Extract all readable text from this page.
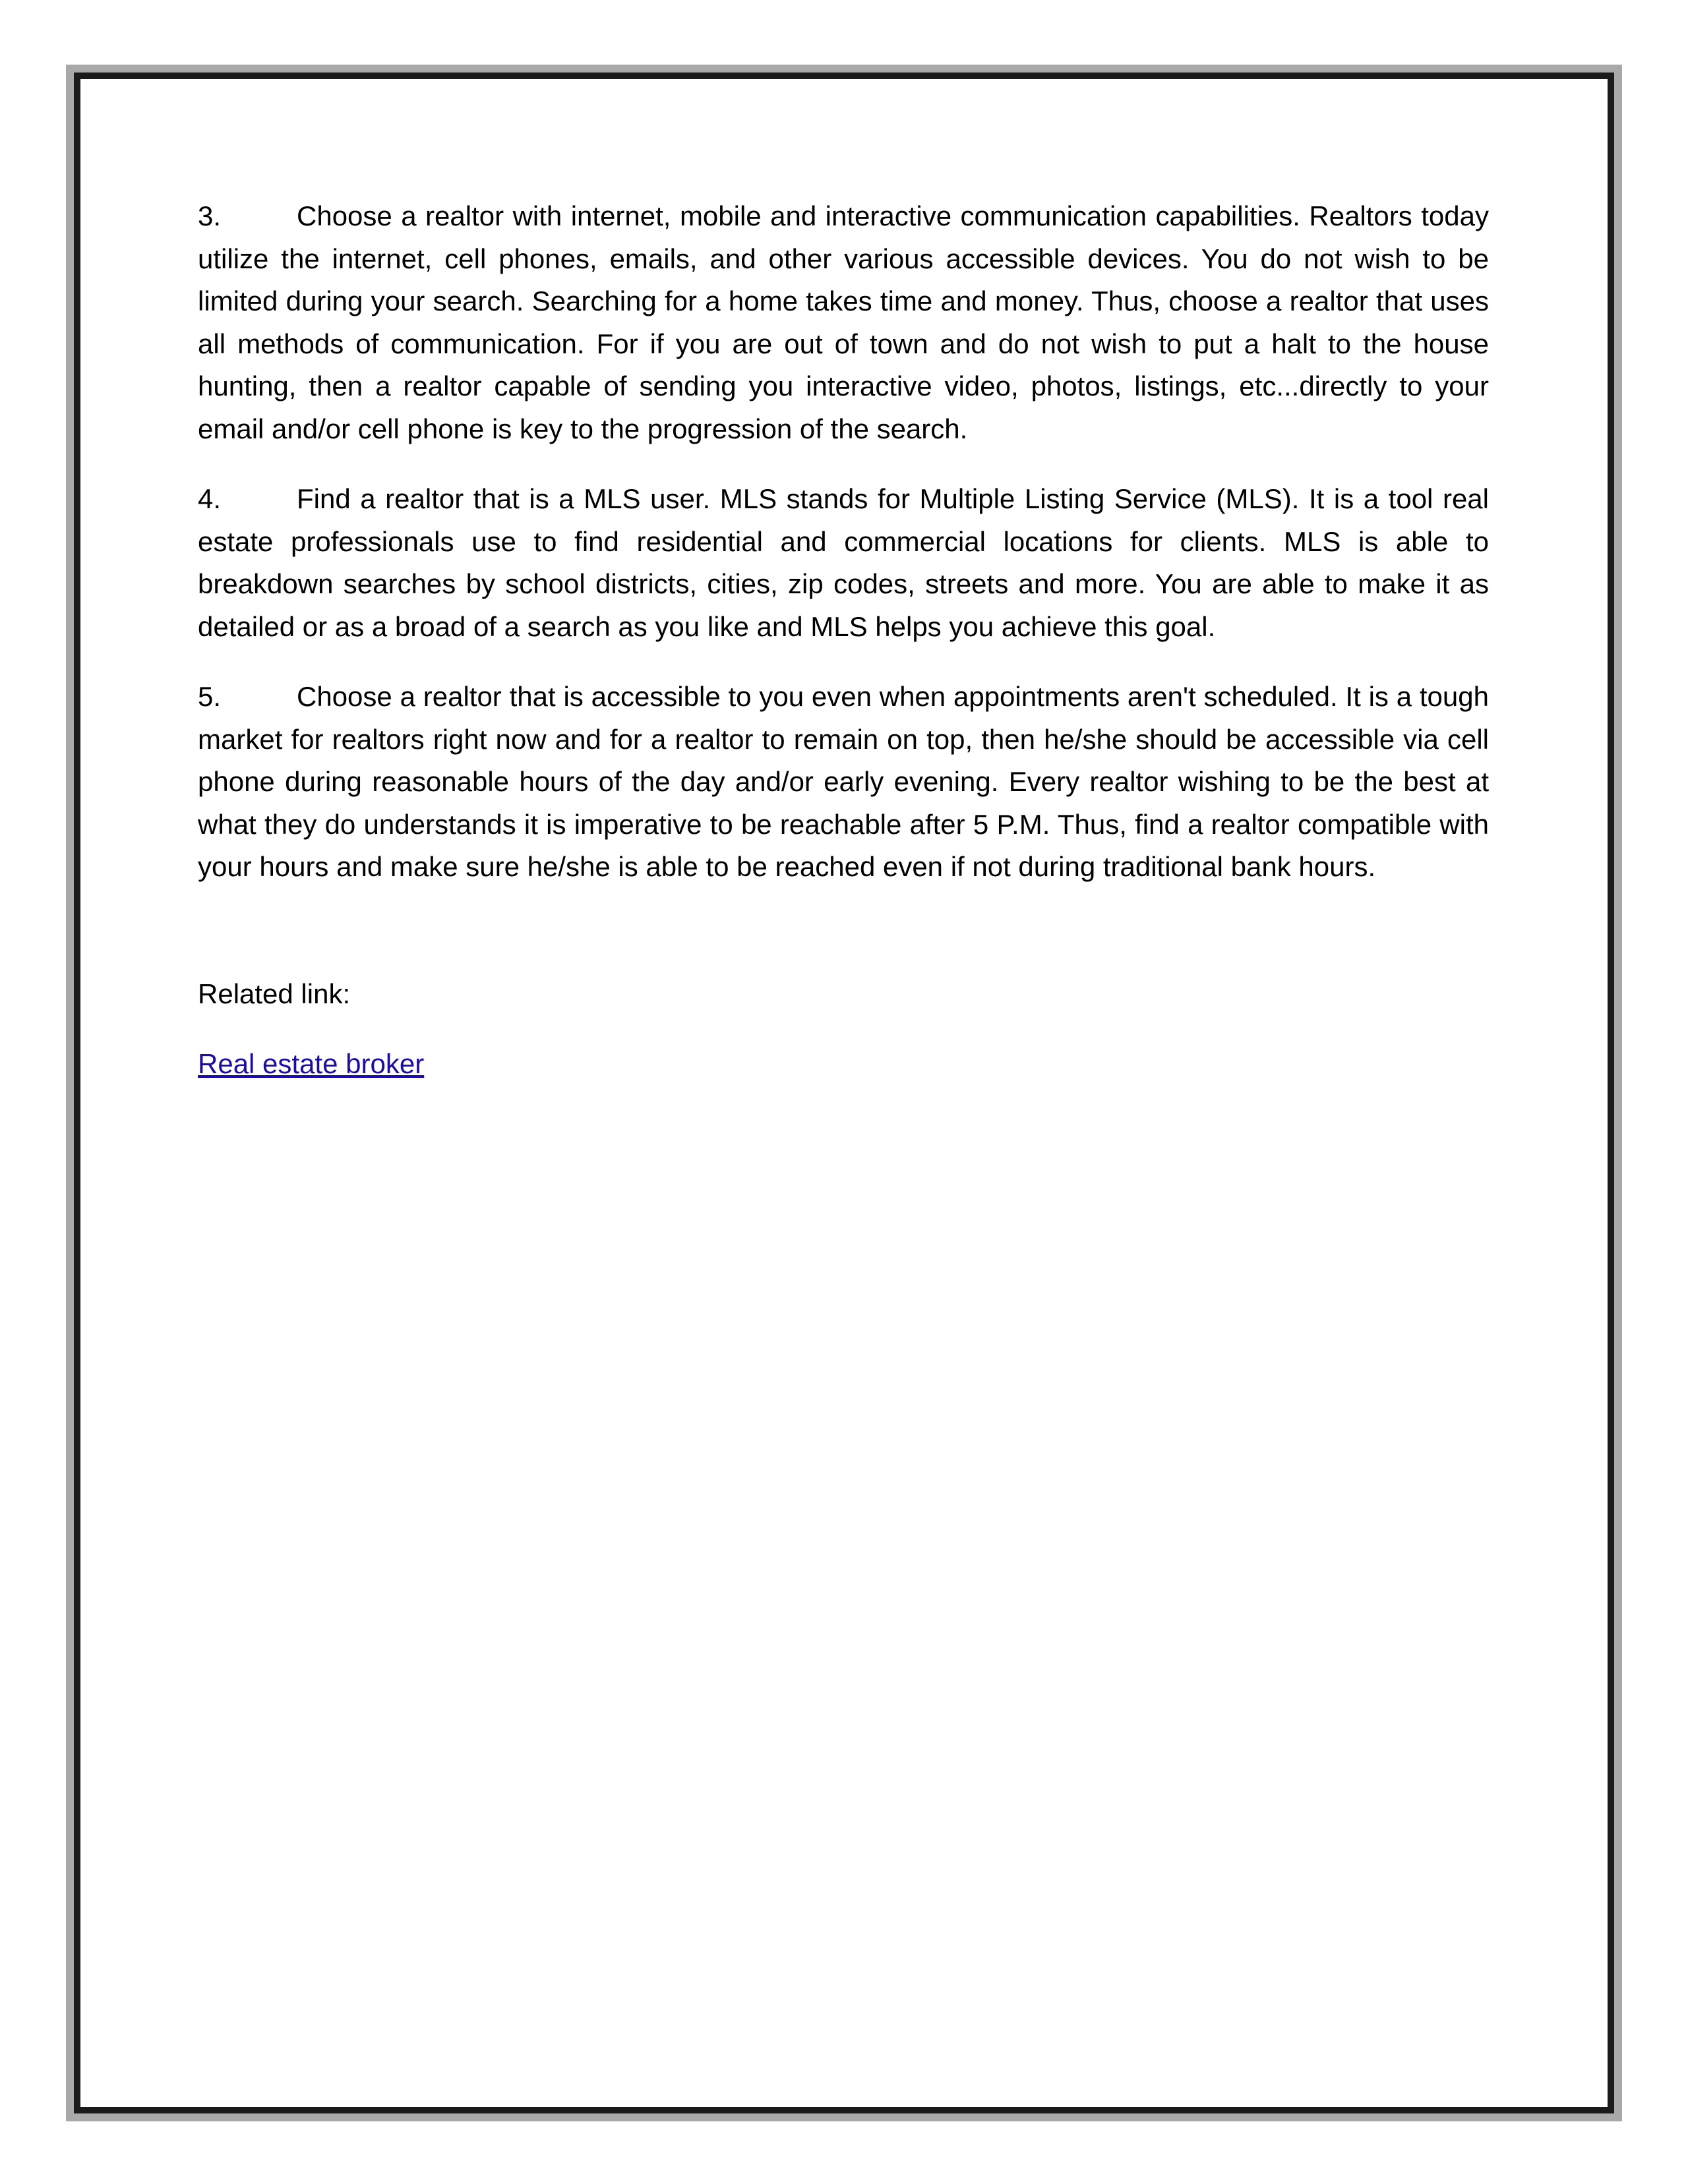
3.	Choose a realtor with internet, mobile and interactive communication capabilities. Realtors today utilize the internet, cell phones, emails, and other various accessible devices. You do not wish to be limited during your search. Searching for a home takes time and money. Thus, choose a realtor that uses all methods of communication. For if you are out of town and do not wish to put a halt to the house hunting, then a realtor capable of sending you interactive video, photos, listings, etc...directly to your email and/or cell phone is key to the progression of the search.

4.	Find a realtor that is a MLS user. MLS stands for Multiple Listing Service (MLS). It is a tool real estate professionals use to find residential and commercial locations for clients. MLS is able to breakdown searches by school districts, cities, zip codes, streets and more. You are able to make it as detailed or as a broad of a search as you like and MLS helps you achieve this goal.

5.	Choose a realtor that is accessible to you even when appointments aren't scheduled. It is a tough market for realtors right now and for a realtor to remain on top, then he/she should be accessible via cell phone during reasonable hours of the day and/or early evening. Every realtor wishing to be the best at what they do understands it is imperative to be reachable after 5 P.M. Thus, find a realtor compatible with your hours and make sure he/she is able to be reached even if not during traditional bank hours.

Related link:
Real estate broker
